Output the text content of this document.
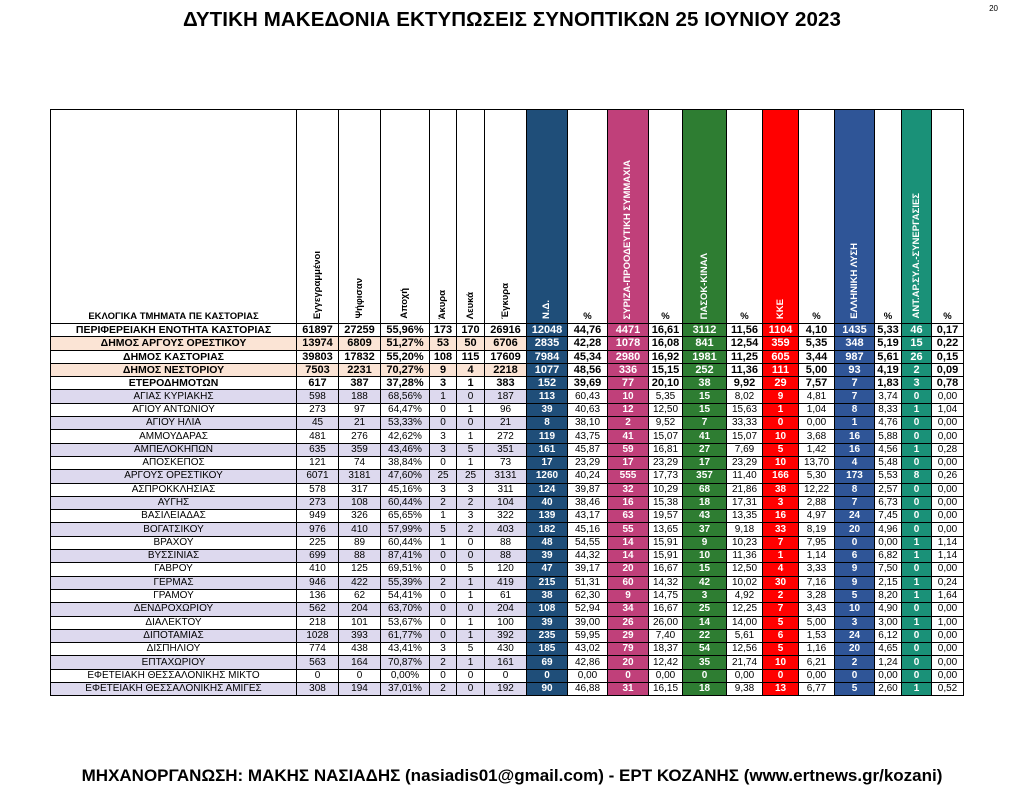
ΔΥΤΙΚΗ ΜΑΚΕΔΟΝΙΑ ΕΚΤΥΠΩΣΕΙΣ ΣΥΝΟΠΤΙΚΩΝ 25 ΙΟΥΝΙΟΥ 2023	20
ΕΚΛΟΓΙΚΑ ΤΜΗΜΑΤΑ ΠΕ ΚΑΣΤΟΡΙΑΣ	Εγγεγραμμένοι	Ψήφισαν	Αποχή	Άκυρα	Λευκά	Έγκυρα	Ν.Δ.	%	ΣΥΡΙΖΑ-ΠΡΟΟΔΕΥΤΙΚΗ ΣΥΜΜΑΧΙΑ	%	ΠΑΣΟΚ-ΚΙΝΑΛ	%	ΚΚΕ	%	ΕΛΛΗΝΙΚΗ ΛΥΣΗ	%	ΑΝΤ.ΑΡ.ΣΥ.Α.-ΣΥΝΕΡΓΑΣΙΕΣ	%
ΠΕΡΙΦΕΡΕΙΑΚΗ ΕΝΟΤΗΤΑ ΚΑΣΤΟΡΙΑΣ	61897	27259	55,96%	173	170	26916	12048	44,76	4471	16,61	3112	11,56	1104	4,10	1435	5,33	46	0,17
ΔΗΜΟΣ ΑΡΓΟΥΣ ΟΡΕΣΤΙΚΟΥ	13974	6809	51,27%	53	50	6706	2835	42,28	1078	16,08	841	12,54	359	5,35	348	5,19	15	0,22
ΔΗΜΟΣ ΚΑΣΤΟΡΙΑΣ	39803	17832	55,20%	108	115	17609	7984	45,34	2980	16,92	1981	11,25	605	3,44	987	5,61	26	0,15
ΔΗΜΟΣ ΝΕΣΤΟΡΙΟΥ	7503	2231	70,27%	9	4	2218	1077	48,56	336	15,15	252	11,36	111	5,00	93	4,19	2	0,09
ΕΤΕΡΟΔΗΜΟΤΩΝ	617	387	37,28%	3	1	383	152	39,69	77	20,10	38	9,92	29	7,57	7	1,83	3	0,78
ΑΓΙΑΣ ΚΥΡΙΑΚΗΣ	598	188	68,56%	1	0	187	113	60,43	10	5,35	15	8,02	9	4,81	7	3,74	0	0,00
ΑΓΙΟΥ ΑΝΤΩΝΙΟΥ	273	97	64,47%	0	1	96	39	40,63	12	12,50	15	15,63	1	1,04	8	8,33	1	1,04
ΑΓΙΟΥ ΗΛΙΑ	45	21	53,33%	0	0	21	8	38,10	2	9,52	7	33,33	0	0,00	1	4,76	0	0,00
ΑΜΜΟΥΔΑΡΑΣ	481	276	42,62%	3	1	272	119	43,75	41	15,07	41	15,07	10	3,68	16	5,88	0	0,00
ΑΜΠΕΛΟΚΗΠΩΝ	635	359	43,46%	3	5	351	161	45,87	59	16,81	27	7,69	5	1,42	16	4,56	1	0,28
ΑΠΟΣΚΕΠΟΣ	121	74	38,84%	0	1	73	17	23,29	17	23,29	17	23,29	10	13,70	4	5,48	0	0,00
ΑΡΓΟΥΣ ΟΡΕΣΤΙΚΟΥ	6071	3181	47,60%	25	25	3131	1260	40,24	555	17,73	357	11,40	166	5,30	173	5,53	8	0,26
ΑΣΠΡΟΚΚΛΗΣΙΑΣ	578	317	45,16%	3	3	311	124	39,87	32	10,29	68	21,86	38	12,22	8	2,57	0	0,00
ΑΥΓΗΣ	273	108	60,44%	2	2	104	40	38,46	16	15,38	18	17,31	3	2,88	7	6,73	0	0,00
ΒΑΣΙΛΕΙΑΔΑΣ	949	326	65,65%	1	3	322	139	43,17	63	19,57	43	13,35	16	4,97	24	7,45	0	0,00
ΒΟΓΑΤΣΙΚΟΥ	976	410	57,99%	5	2	403	182	45,16	55	13,65	37	9,18	33	8,19	20	4,96	0	0,00
ΒΡΑΧΟΥ	225	89	60,44%	1	0	88	48	54,55	14	15,91	9	10,23	7	7,95	0	0,00	1	1,14
ΒΥΣΣΙΝΙΑΣ	699	88	87,41%	0	0	88	39	44,32	14	15,91	10	11,36	1	1,14	6	6,82	1	1,14
ΓΑΒΡΟΥ	410	125	69,51%	0	5	120	47	39,17	20	16,67	15	12,50	4	3,33	9	7,50	0	0,00
ΓΕΡΜΑΣ	946	422	55,39%	2	1	419	215	51,31	60	14,32	42	10,02	30	7,16	9	2,15	1	0,24
ΓΡΑΜΟΥ	136	62	54,41%	0	1	61	38	62,30	9	14,75	3	4,92	2	3,28	5	8,20	1	1,64
ΔΕΝΔΡΟΧΩΡΙΟΥ	562	204	63,70%	0	0	204	108	52,94	34	16,67	25	12,25	7	3,43	10	4,90	0	0,00
ΔΙΑΛΕΚΤΟΥ	218	101	53,67%	0	1	100	39	39,00	26	26,00	14	14,00	5	5,00	3	3,00	1	1,00
ΔΙΠΟΤΑΜΙΑΣ	1028	393	61,77%	0	1	392	235	59,95	29	7,40	22	5,61	6	1,53	24	6,12	0	0,00
ΔΙΣΠΗΛΙΟΥ	774	438	43,41%	3	5	430	185	43,02	79	18,37	54	12,56	5	1,16	20	4,65	0	0,00
ΕΠΤΑΧΩΡΙΟΥ	563	164	70,87%	2	1	161	69	42,86	20	12,42	35	21,74	10	6,21	2	1,24	0	0,00
ΕΦΕΤΕΙΑΚΗ ΘΕΣΣΑΛΟΝΙΚΗΣ ΜΙΚΤΟ	0	0	0,00%	0	0	0	0	0,00	0	0,00	0	0,00	0	0,00	0	0,00	0	0,00
ΕΦΕΤΕΙΑΚΗ ΘΕΣΣΑΛΟΝΙΚΗΣ ΑΜΙΓΕΣ	308	194	37,01%	2	0	192	90	46,88	31	16,15	18	9,38	13	6,77	5	2,60	1	0,52
ΜΗΧΑΝΟΡΓΑΝΩΣΗ: ΜΑΚΗΣ ΝΑΣΙΑΔΗΣ (nasiadis01@gmail.com) - ΕΡΤ ΚΟΖΑΝΗΣ (www.ertnews.gr/kozani)
